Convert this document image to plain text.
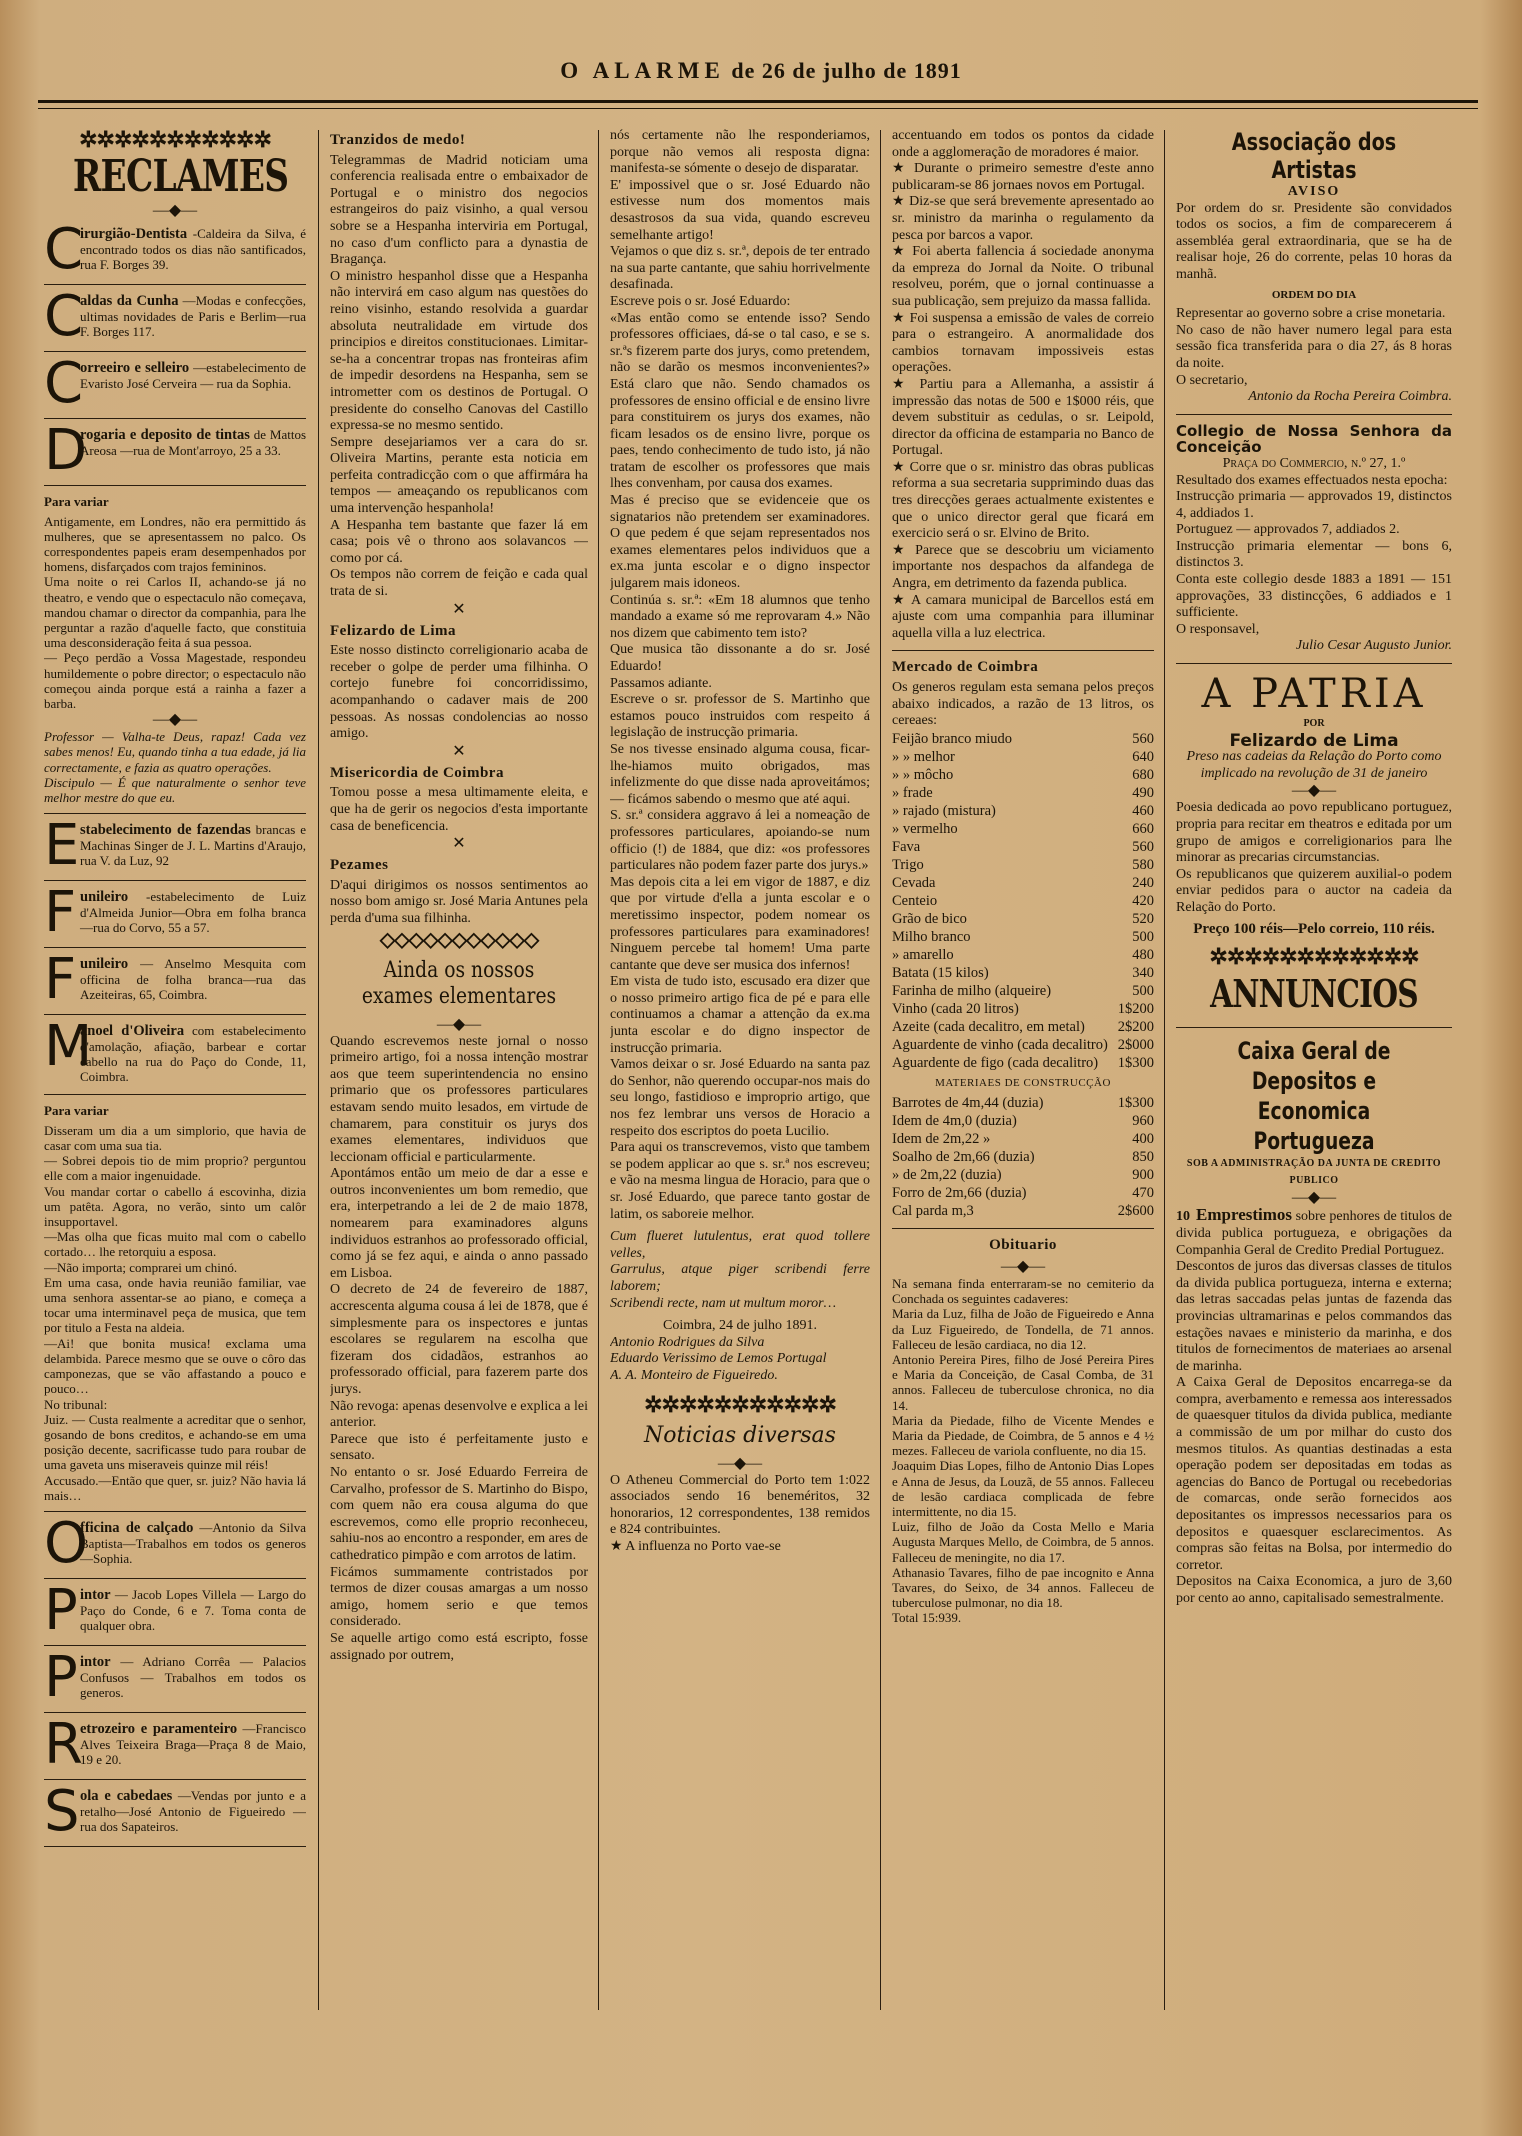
O ALARME de 26 de julho de 1891
✲✲✲✲✲✲✲✲✲✲✲
RECLAMES
—◆—
C
irurgião-Dentista -Caldeira da Silva, é encontrado todos os dias não santificados, rua F. Borges 39.
C
aldas da Cunha —Modas e confecções, ultimas novidades de Paris e Berlim—rua F. Borges 117.
C
orreeiro e selleiro —estabelecimento de Evaristo José Cerveira — rua da Sophia.
D
rogaria e deposito de tintas de Mattos Areosa —rua de Mont'arroyo, 25 a 33.
Para variar
Antigamente, em Londres, não era permittido ás mulheres, que se apresentassem no palco. Os correspondentes papeis eram desempenhados por homens, disfarçados com trajos femininos.
Uma noite o rei Carlos II, achando-se já no theatro, e vendo que o espectaculo não começava, mandou chamar o director da companhia, para lhe perguntar a razão d'aquelle facto, que constituia uma desconsideração feita á sua pessoa.
— Peço perdão a Vossa Magestade, respondeu humildemente o pobre director; o espectaculo não começou ainda porque está a rainha a fazer a barba.
—◆—
Professor — Valha-te Deus, rapaz! Cada vez sabes menos! Eu, quando tinha a tua edade, já lia correctamente, e fazia as quatro operações.
Discipulo — É que naturalmente o senhor teve melhor mestre do que eu.
E stabelecimento de fazendas brancas e Machinas Singer de J. L. Martins d'Araujo, rua V. da Luz, 92
F unileiro -estabelecimento de Luiz d'Almeida Junior—Obra em folha branca—rua do Corvo, 55 a 57.
F unileiro — Anselmo Mesquita com officina de folha branca—rua das Azeiteiras, 65, Coimbra.
M
anoel d'Oliveira com estabelecimento d'amolação, afiação, barbear e cortar cabello na rua do Paço do Conde, 11, Coimbra.
Para variar
Disseram um dia a um simplorio, que havia de casar com uma sua tia.
— Sobrei depois tio de mim proprio? perguntou elle com a maior ingenuidade.
Vou mandar cortar o cabello á escovinha, dizia um patêta. Agora, no verão, sinto um calôr insupportavel.
—Mas olha que ficas muito mal com o cabello cortado… lhe retorquiu a esposa.
—Não importa; comprarei um chinó.
Em uma casa, onde havia reunião familiar, vae uma senhora assentar-se ao piano, e começa a tocar uma interminavel peça de musica, que tem por titulo a Festa na aldeia.
—Ai! que bonita musica! exclama uma delambida. Parece mesmo que se ouve o côro das camponezas, que se vão affastando a pouco e pouco…
No tribunal:
Juiz. — Custa realmente a acreditar que o senhor, gosando de bons creditos, e achando-se em uma posição decente, sacrificasse tudo para roubar de uma gaveta uns miseraveis quinze mil réis!
Accusado.—Então que quer, sr. juiz? Não havia lá mais…
O
fficina de calçado —Antonio da Silva Baptista—Trabalhos em todos os generos—Sophia.
P intor — Jacob Lopes Villela — Largo do Paço do Conde, 6 e 7. Toma conta de qualquer obra.
P intor — Adriano Corrêa — Palacios Confusos — Trabalhos em todos os generos.
R
etrozeiro e paramenteiro —Francisco Alves Teixeira Braga—Praça 8 de Maio, 19 e 20.
S ola e cabedaes —Vendas por junto e a retalho—José Antonio de Figueiredo — rua dos Sapateiros.
Tranzidos de medo!
Telegrammas de Madrid noticiam uma conferencia realisada entre o embaixador de Portugal e o ministro dos negocios estrangeiros do paiz visinho, a qual versou sobre se a Hespanha interviria em Portugal, no caso d'um conflicto para a dynastia de Bragança.
O ministro hespanhol disse que a Hespanha não intervirá em caso algum nas questões do reino visinho, estando resolvida a guardar absoluta neutralidade em virtude dos principios e direitos constitucionaes. Limitar-se-ha a concentrar tropas nas fronteiras afim de impedir desordens na Hespanha, sem se intrometter com os destinos de Portugal. O presidente do conselho Canovas del Castillo expressa-se no mesmo sentido.
Sempre desejariamos ver a cara do sr. Oliveira Martins, perante esta noticia em perfeita contradicção com o que affirmára ha tempos — ameaçando os republicanos com uma intervenção hespanhola!
A Hespanha tem bastante que fazer lá em casa; pois vê o throno aos solavancos — como por cá.
Os tempos não correm de feição e cada qual trata de si.
✕
Felizardo de Lima
Este nosso distincto correligionario acaba de receber o golpe de perder uma filhinha. O cortejo funebre foi concorridissimo, acompanhando o cadaver mais de 200 pessoas. As nossas condolencias ao nosso amigo.
✕
Misericordia de Coimbra
Tomou posse a mesa ultimamente eleita, e que ha de gerir os negocios d'esta importante casa de beneficencia.
✕
Pezames
D'aqui dirigimos os nossos sentimentos ao nosso bom amigo sr. José Maria Antunes pela perda d'uma sua filhinha.
◇◇◇◇◇◇◇◇◇◇◇
Ainda os nossos exames elementares
—◆—
Quando escrevemos neste jornal o nosso primeiro artigo, foi a nossa intenção mostrar aos que teem superintendencia no ensino primario que os professores particulares estavam sendo muito lesados, em virtude de chamarem, para constituir os jurys dos exames elementares, individuos que leccionam official e particularmente.
Apontámos então um meio de dar a esse e outros inconvenientes um bom remedio, que era, interpetrando a lei de 2 de maio 1878, nomearem para examinadores alguns individuos estranhos ao professorado official, como já se fez aqui, e ainda o anno passado em Lisboa.
O decreto de 24 de fevereiro de 1887, accrescenta alguma cousa á lei de 1878, que é simplesmente para os inspectores e juntas escolares se regularem na escolha que fizeram dos cidadãos, estranhos ao professorado official, para fazerem parte dos jurys.
Não revoga: apenas desenvolve e explica a lei anterior.
Parece que isto é perfeitamente justo e sensato.
No entanto o sr. José Eduardo Ferreira de Carvalho, professor de S. Martinho do Bispo, com quem não era cousa alguma do que escrevemos, como elle proprio reconheceu, sahiu-nos ao encontro a responder, em ares de cathedratico pimpão e com arrotos de latim.
Ficámos summamente contristados por termos de dizer cousas amargas a um nosso amigo, homem serio e que temos considerado.
Se aquelle artigo como está escripto, fosse assignado por outrem,
nós certamente não lhe responderiamos, porque não vemos ali resposta digna: manifesta-se sómente o desejo de disparatar.
E' impossivel que o sr. José Eduardo não estivesse num dos momentos mais desastrosos da sua vida, quando escreveu semelhante artigo!
Vejamos o que diz s. sr.ª, depois de ter entrado na sua parte cantante, que sahiu horrivelmente desafinada.
Escreve pois o sr. José Eduardo:
«Mas então como se entende isso? Sendo professores officiaes, dá-se o tal caso, e se s. sr.ªs fizerem parte dos jurys, como pretendem, não se darão os mesmos inconvenientes?» Está claro que não. Sendo chamados os professores de ensino official e de ensino livre para constituirem os jurys dos exames, não ficam lesados os de ensino livre, porque os paes, tendo conhecimento de tudo isto, já não tratam de escolher os professores que mais lhes convenham, por causa dos exames.
Mas é preciso que se evidenceie que os signatarios não pretendem ser examinadores. O que pedem é que sejam representados nos exames elementares pelos individuos que a ex.ma junta escolar e o digno inspector julgarem mais idoneos.
Continúa s. sr.ª: «Em 18 alumnos que tenho mandado a exame só me reprovaram 4.» Não nos dizem que cabimento tem isto?
Que musica tão dissonante a do sr. José Eduardo!
Passamos adiante.
Escreve o sr. professor de S. Martinho que estamos pouco instruidos com respeito á legislação de instrucção primaria.
Se nos tivesse ensinado alguma cousa, ficar-lhe-hiamos muito obrigados, mas infelizmente do que disse nada aproveitámos; — ficámos sabendo o mesmo que até aqui.
S. sr.ª considera aggravo á lei a nomeação de professores particulares, apoiando-se num officio (!) de 1884, que diz: «os professores particulares não podem fazer parte dos jurys.»
Mas depois cita a lei em vigor de 1887, e diz que por virtude d'ella a junta escolar e o meretissimo inspector, podem nomear os professores particulares para examinadores! Ninguem percebe tal homem! Uma parte cantante que deve ser musica dos infernos!
Em vista de tudo isto, escusado era dizer que o nosso primeiro artigo fica de pé e para elle continuamos a chamar a attenção da ex.ma junta escolar e do digno inspector de instrucção primaria.
Vamos deixar o sr. José Eduardo na santa paz do Senhor, não querendo occupar-nos mais do seu longo, fastidioso e improprio artigo, que nos fez lembrar uns versos de Horacio a respeito dos escriptos do poeta Lucilio.
Para aqui os transcrevemos, visto que tambem se podem applicar ao que s. sr.ª nos escreveu; e vão na mesma lingua de Horacio, para que o sr. José Eduardo, que parece tanto gostar de latim, os saboreie melhor.
Cum flueret lutulentus, erat quod tollere velles,
Garrulus, atque piger scribendi ferre laborem;
Scribendi recte, nam ut multum moror…
Coimbra, 24 de julho 1891.
Antonio Rodrigues da Silva
Eduardo Verissimo de Lemos Portugal
A. A. Monteiro de Figueiredo.
✲✲✲✲✲✲✲✲✲✲✲
Noticias diversas
—◆—
O Atheneu Commercial do Porto tem 1:022 associados sendo 16 beneméritos, 32 honorarios, 12 correspondentes, 138 remidos e 824 contribuintes.
★ A influenza no Porto vae-se
accentuando em todos os pontos da cidade onde a agglomeração de moradores é maior.
★ Durante o primeiro semestre d'este anno publicaram-se 86 jornaes novos em Portugal.
★ Diz-se que será brevemente apresentado ao sr. ministro da marinha o regulamento da pesca por barcos a vapor.
★ Foi aberta fallencia á sociedade anonyma da empreza do Jornal da Noite. O tribunal resolveu, porém, que o jornal continuasse a sua publicação, sem prejuizo da massa fallida.
★ Foi suspensa a emissão de vales de correio para o estrangeiro. A anormalidade dos cambios tornavam impossiveis estas operações.
★ Partiu para a Allemanha, a assistir á impressão das notas de 500 e 1$000 réis, que devem substituir as cedulas, o sr. Leipold, director da officina de estamparia no Banco de Portugal.
★ Corre que o sr. ministro das obras publicas reforma a sua secretaria supprimindo duas das tres direcções geraes actualmente existentes e que o unico director geral que ficará em exercicio será o sr. Elvino de Brito.
★ Parece que se descobriu um viciamento importante nos despachos da alfandega de Angra, em detrimento da fazenda publica.
★ A camara municipal de Barcellos está em ajuste com uma companhia para illuminar aquella villa a luz electrica.
Mercado de Coimbra
Os generos regulam esta semana pelos preços abaixo indicados, a razão de 13 litros, os cereaes:
Feijão branco miudo	560
» » melhor	640
» » môcho	680
» frade	490
» rajado (mistura)	460
» vermelho	660
Fava	560
Trigo	580
Cevada	240
Centeio	420
Grão de bico	520
Milho branco	500
» amarello	480
Batata (15 kilos)	340
Farinha de milho (alqueire)	500
Vinho (cada 20 litros)	1$200
Azeite (cada decalitro, em metal)	2$200
Aguardente de vinho (cada decalitro)	2$000
Aguardente de figo (cada decalitro)	1$300
MATERIAES DE CONSTRUCÇÃO
Barrotes de 4m,44 (duzia)	1$300
Idem de 4m,0 (duzia)	960
Idem de 2m,22 »	400
Soalho de 2m,66 (duzia)	850
» de 2m,22 (duzia)	900
Forro de 2m,66 (duzia)	470
Cal parda m,3	2$600
Obituario
—◆—
Na semana finda enterraram-se no cemiterio da Conchada os seguintes cadaveres:
Maria da Luz, filha de João de Figueiredo e Anna da Luz Figueiredo, de Tondella, de 71 annos. Falleceu de lesão cardiaca, no dia 12.
Antonio Pereira Pires, filho de José Pereira Pires e Maria da Conceição, de Casal Comba, de 31 annos. Falleceu de tuberculose chronica, no dia 14.
Maria da Piedade, filho de Vicente Mendes e Maria da Piedade, de Coimbra, de 5 annos e 4 ½ mezes. Falleceu de variola confluente, no dia 15.
Joaquim Dias Lopes, filho de Antonio Dias Lopes e Anna de Jesus, da Louzã, de 55 annos. Falleceu de lesão cardiaca complicada de febre intermittente, no dia 15.
Luiz, filho de João da Costa Mello e Maria Augusta Marques Mello, de Coimbra, de 5 annos. Falleceu de meningite, no dia 17.
Athanasio Tavares, filho de pae incognito e Anna Tavares, do Seixo, de 34 annos. Falleceu de tuberculose pulmonar, no dia 18.
Total 15:939.
Associação dos Artistas
AVISO
Por ordem do sr. Presidente são convidados todos os socios, a fim de comparecerem á assembléa geral extraordinaria, que se ha de realisar hoje, 26 do corrente, pelas 10 horas da manhã.
ORDEM DO DIA
Representar ao governo sobre a crise monetaria.
No caso de não haver numero legal para esta sessão fica transferida para o dia 27, ás 8 horas da noite.
O secretario,
Antonio da Rocha Pereira Coimbra.
Collegio de Nossa Senhora da Conceição
Praça do Commercio, n.º 27, 1.º
Resultado dos exames effectuados nesta epocha:
Instrucção primaria — approvados 19, distinctos 4, addiados 1.
Portuguez — approvados 7, addiados 2.
Instrucção primaria elementar — bons 6, distinctos 3.
Conta este collegio desde 1883 a 1891 — 151 approvações, 33 distincções, 6 addiados e 1 sufficiente.
O responsavel,
Julio Cesar Augusto Junior.
A PATRIA
POR
Felizardo de Lima
Preso nas cadeias da Relação do Porto como implicado na revolução de 31 de janeiro
—◆—
Poesia dedicada ao povo republicano portuguez, propria para recitar em theatros e editada por um grupo de amigos e correligionarios para lhe minorar as precarias circumstancias.
Os republicanos que quizerem auxilial-o podem enviar pedidos para o auctor na cadeia da Relação do Porto.
Preço 100 réis—Pelo correio, 110 réis.
✲✲✲✲✲✲✲✲✲✲✲✲
ANNUNCIOS
Caixa Geral de Depositos e Economica Portugueza
SOB A ADMINISTRAÇÃO DA JUNTA DE CREDITO PUBLICO
—◆—
10 Emprestimos sobre penhores de titulos de divida publica portugueza, e obrigações da Companhia Geral de Credito Predial Portuguez.
Descontos de juros das diversas classes de titulos da divida publica portugueza, interna e externa; das letras saccadas pelas juntas de fazenda das provincias ultramarinas e pelos commandos das estações navaes e ministerio da marinha, e dos titulos de fornecimentos de materiaes ao arsenal de marinha.
A Caixa Geral de Depositos encarrega-se da compra, averbamento e remessa aos interessados de quaesquer titulos da divida publica, mediante a commissão de um por milhar do custo dos mesmos titulos. As quantias destinadas a esta operação podem ser depositadas em todas as agencias do Banco de Portugal ou recebedorias de comarcas, onde serão fornecidos aos depositantes os impressos necessarios para os depositos e quaesquer esclarecimentos. As compras são feitas na Bolsa, por intermedio do corretor.
Depositos na Caixa Economica, a juro de 3,60 por cento ao anno, capitalisado semestralmente.
